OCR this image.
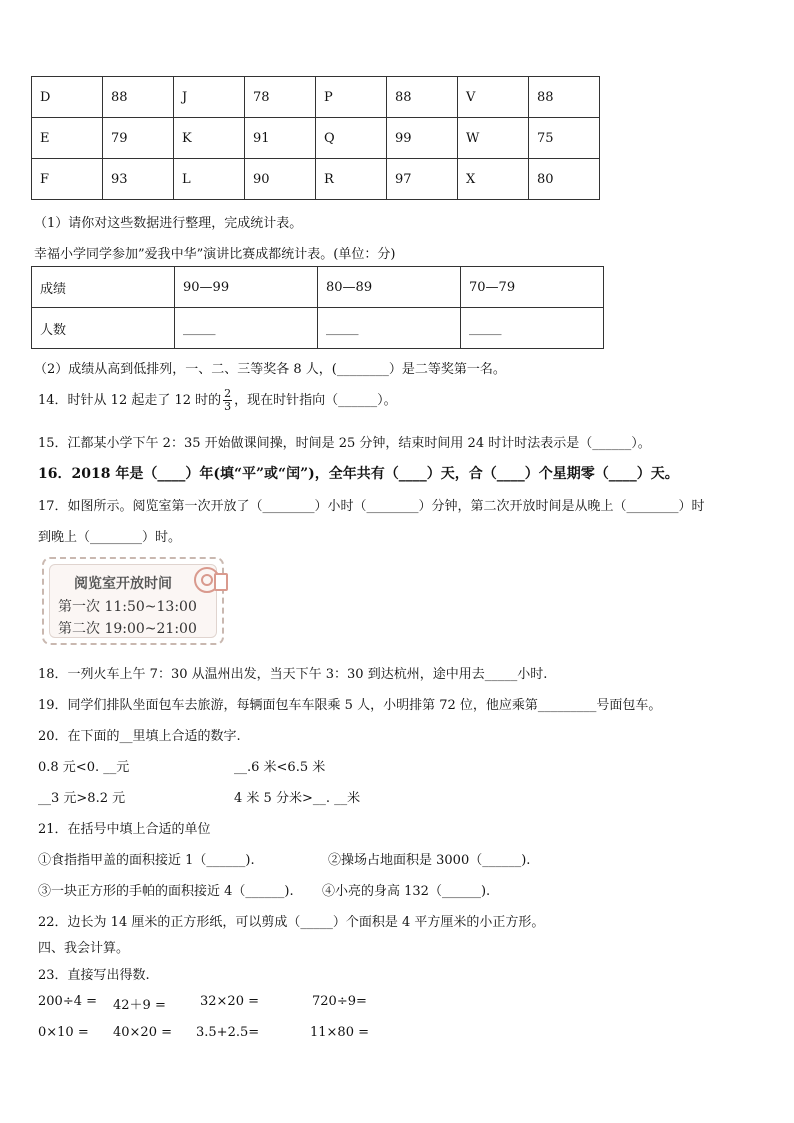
D	88	J	78	P	88	V	88
E	79	K	91	Q	99	W	75
F	93	L	90	R	97	X	80
（1）请你对这些数据进行整理，完成统计表。
幸福小学同学参加”爱我中华”演讲比赛成都统计表。(单位：分)
成绩	90—99	80—89	70—79
人数	_____	_____	_____
（2）成绩从高到低排列，一、二、三等奖各 8 人，(________）是二等奖第一名。
14．时针从 12 起走了 12 时的 $\frac{2}{3}$ ，现在时针指向（______）。
15．江都某小学下午 2：35 开始做课间操，时间是 25 分钟，结束时间用 24 时计时法表示是（______）。
16．2018 年是（____）年(填“平”或“闰”)，全年共有（____）天，合（____）个星期零（____）天。
17．如图所示。阅览室第一次开放了（________）小时（________）分钟，第二次开放时间是从晚上（________）时
到晚上（________）时。
阅览室开放时间
第一次 11:50~13:00
第二次 19:00~21:00
18．一列火车上午 7：30 从温州出发，当天下午 3：30 到达杭州，途中用去_____小时.
19．同学们排队坐面包车去旅游，每辆面包车车限乘 5 人，小明排第 72 位，他应乘第_________号面包车。
20．在下面的__里填上合适的数字.
0.8 元<0. __元	__.6 米<6.5 米
__3 元>8.2 元	4 米 5 分米>__. __米
21．在括号中填上合适的单位
①食指指甲盖的面积接近 1（______).	②操场占地面积是 3000（______).
③一块正方形的手帕的面积接近 4（______). ④小亮的身高 132（______).
22．边长为 14 厘米的正方形纸，可以剪成（_____）个面积是 4 平方厘米的小正方形。
四、我会计算。
23．直接写出得数.
200÷4 = 42＋9 =	32×20 =	720÷9=
0×10 = 40×20 = 3.5+2.5=	11×80 =
